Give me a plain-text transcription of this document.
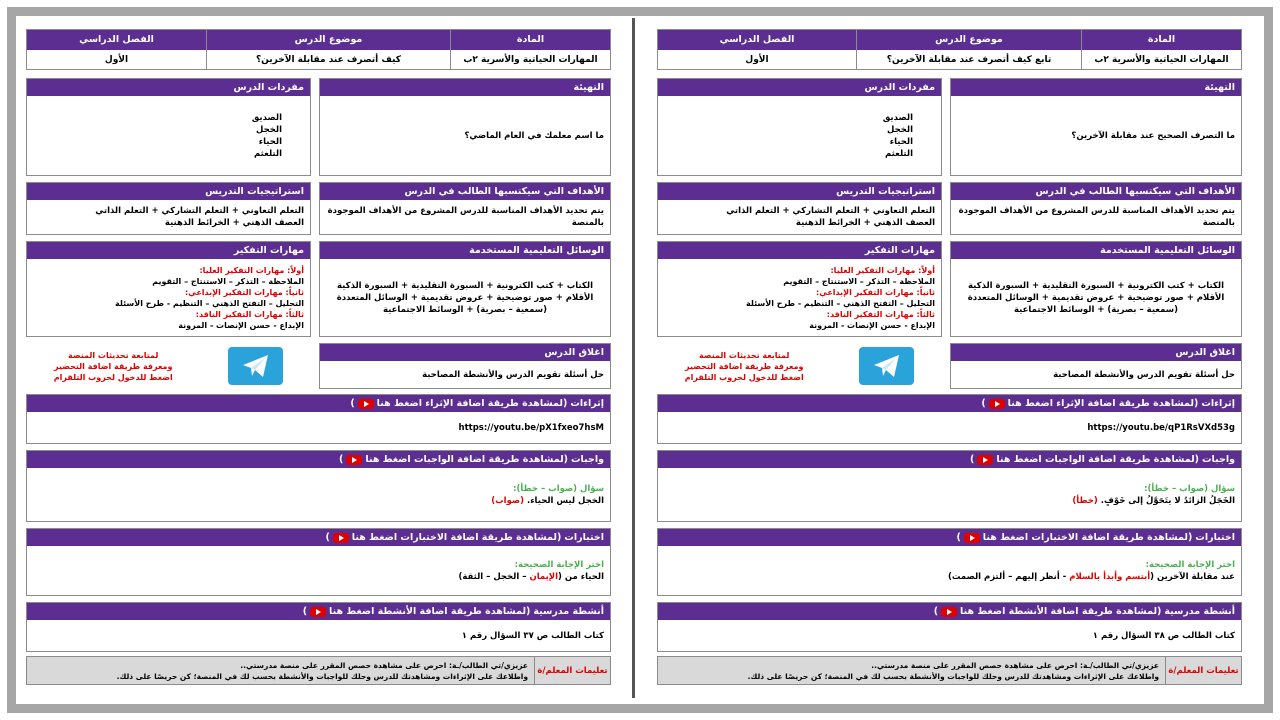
المادة
المهارات الحياتية والأسرية ٢ب
موضوع الدرس
تابع كيف أتصرف عند مقابلة الآخرين؟
الفصل الدراسي
الأول
التهيئة
ما التصرف الصحيح عند مقابلة الآخرين؟
مفردات الدرس
الصديق
الخجل
الحياء
التلعثم
الأهداف التي سيكتسبها الطالب في الدرس
يتم تحديد الأهداف المناسبة للدرس المشروع من الأهداف الموجودة بالمنصة
استراتيجيات التدريس
التعلم التعاوني + التعلم التشاركي + التعلم الذاتي
العصف الذهني + الخرائط الذهنية
الوسائل التعليمية المستخدمة
الكتاب + كتب الكترونية + السبورة التقليدية + السبورة الذكية
الأقلام + صور توضيحية + عروض تقديمية + الوسائل المتعددة
(سمعية – بصرية) + الوسائط الاجتماعية
مهارات التفكير
أولاً: مهارات التفكير العليا:
الملاحظة – التذكر – الاستنتاج – التقويم
ثانياً: مهارات التفكير الإبداعي:
التحليل – التفتح الذهني – التنظيم - طرح الأسئلة
ثالثاً: مهارات التفكير الناقد:
الإبداع - حسن الإنصات - المرونة
اغلاق الدرس
حل أسئلة تقويم الدرس والأنشطة المصاحبة
لمتابعة تحديثات المنصة
ومعرفة طريقة اضافة التحضير
اضغط للدخول لجروب التلقرام
إثراءات
(لمشاهدة طريقة اضافة الإثراء اضغط هنا
)
https://youtu.be/qP1RsVXd53g
واجبات
(لمشاهدة طريقة اضافة الواجبات اضغط هنا
)
سؤال (صواب – خطأ):
الخَجَلُ الزائدُ لا يتَحَوَّلُ إلى خَوْفٍ. (خطأ)
اختبارات
(لمشاهدة طريقة اضافة الاختبارات اضغط هنا
)
اختر الإجابة الصحيحة:
عند مقابلة الآخرين (أبتسم وأبدأ بالسلام - أنظر إليهم – ألتزم الصمت)
أنشطة مدرسية
(لمشاهدة طريقة اضافة الأنشطة اضغط هنا
)
كتاب الطالب ص ٣٨ السؤال رقم ١
تعليمات المعلم/ة
عزيزي/تي الطالب/ـة: احرص على مشاهدة حصص المقرر على منصة مدرستي..
واطلاعك على الإثراءات ومشاهدتك للدرس وحلك للواجبات والأنشطة بحسب لك في المنصة؛ كن حريصًا على ذلك.
المادة
المهارات الحياتية والأسرية ٢ب
موضوع الدرس
كيف أتصرف عند مقابلة الآخرين؟
الفصل الدراسي
الأول
التهيئة
ما اسم معلمك في العام الماضي؟
مفردات الدرس
الصديق
الخجل
الحياء
التلعثم
الأهداف التي سيكتسبها الطالب في الدرس
يتم تحديد الأهداف المناسبة للدرس المشروع من الأهداف الموجودة بالمنصة
استراتيجيات التدريس
التعلم التعاوني + التعلم التشاركي + التعلم الذاتي
العصف الذهني + الخرائط الذهنية
الوسائل التعليمية المستخدمة
الكتاب + كتب الكترونية + السبورة التقليدية + السبورة الذكية
الأقلام + صور توضيحية + عروض تقديمية + الوسائل المتعددة
(سمعية – بصرية) + الوسائط الاجتماعية
مهارات التفكير
أولاً: مهارات التفكير العليا:
الملاحظة – التذكر – الاستنتاج – التقويم
ثانياً: مهارات التفكير الإبداعي:
التحليل – التفتح الذهني – التنظيم - طرح الأسئلة
ثالثاً: مهارات التفكير الناقد:
الإبداع - حسن الإنصات - المرونة
اغلاق الدرس
حل أسئلة تقويم الدرس والأنشطة المصاحبة
لمتابعة تحديثات المنصة
ومعرفة طريقة اضافة التحضير
اضغط للدخول لجروب التلقرام
إثراءات
(لمشاهدة طريقة اضافة الإثراء اضغط هنا
)
https://youtu.be/pX1fxeo7hsM
واجبات
(لمشاهدة طريقة اضافة الواجبات اضغط هنا
)
سؤال (صواب – خطأ):
الخجل ليس الحياء. (صواب)
اختبارات
(لمشاهدة طريقة اضافة الاختبارات اضغط هنا
)
اختر الإجابة الصحيحة:
الحياء من (الإيمان – الخجل – الثقة)
أنشطة مدرسية
(لمشاهدة طريقة اضافة الأنشطة اضغط هنا
)
كتاب الطالب ص ٣٧ السؤال رقم ١
تعليمات المعلم/ة
عزيزي/تي الطالب/ـة: احرص على مشاهدة حصص المقرر على منصة مدرستي..
واطلاعك على الإثراءات ومشاهدتك للدرس وحلك للواجبات والأنشطة بحسب لك في المنصة؛ كن حريصًا على ذلك.
